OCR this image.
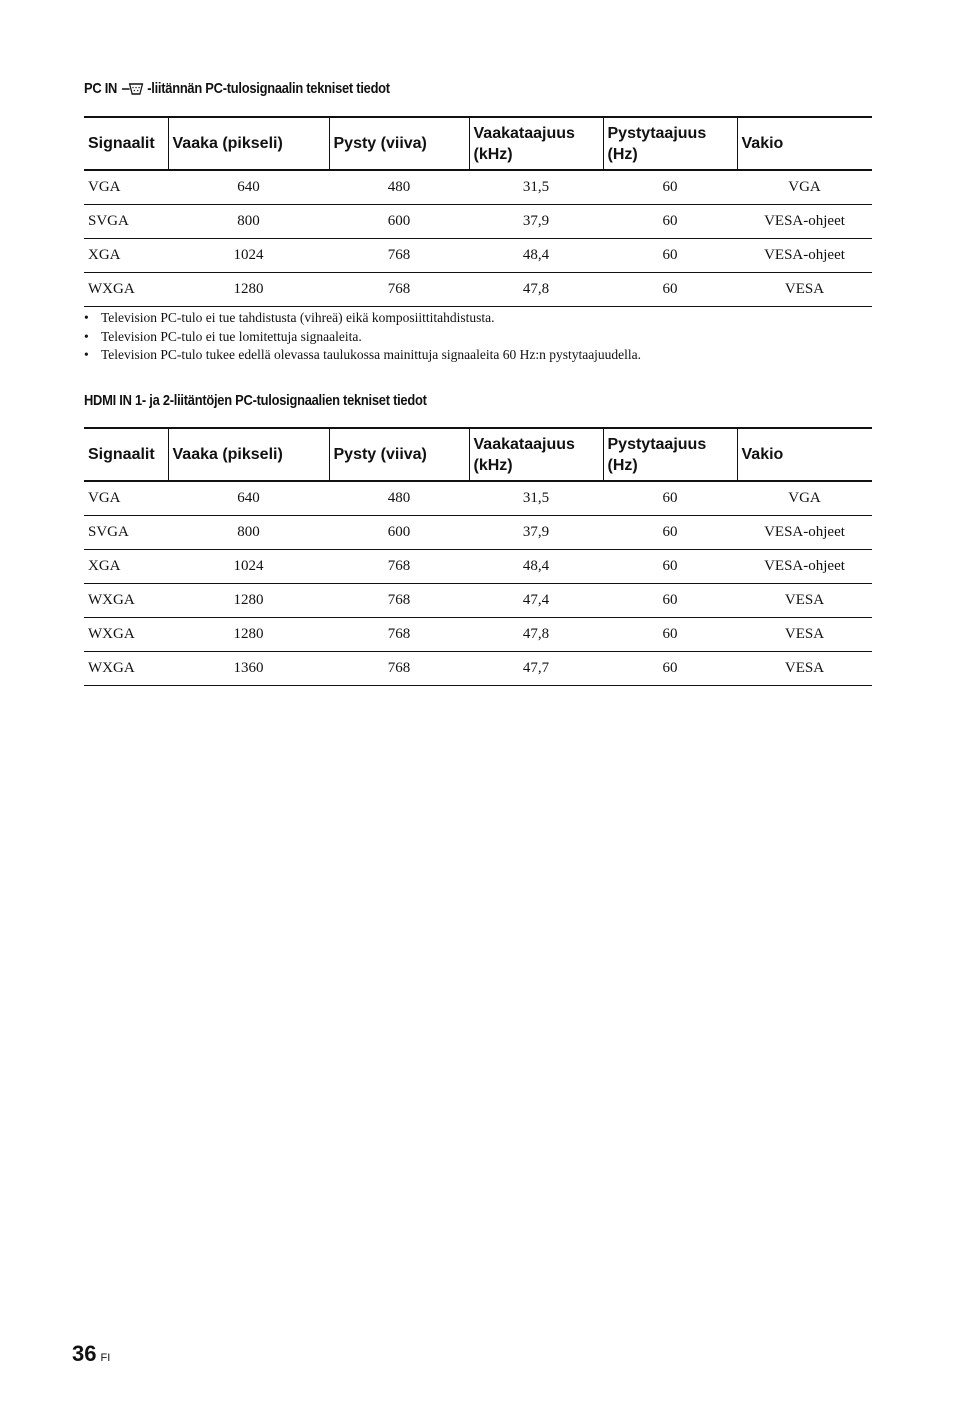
PC IN -liitännän PC-tulosignaalin tekniset tiedot
Signaalit	Vaaka (pikseli)	Pysty (viiva)	Vaakataajuus (kHz)	Pystytaajuus (Hz)	Vakio
VGA	640	480	31,5	60	VGA
SVGA	800	600	37,9	60	VESA-ohjeet
XGA	1024	768	48,4	60	VESA-ohjeet
WXGA	1280	768	47,8	60	VESA
• Television PC-tulo ei tue tahdistusta (vihreä) eikä komposiittitahdistusta.
• Television PC-tulo ei tue lomitettuja signaaleita.
• Television PC-tulo tukee edellä olevassa taulukossa mainittuja signaaleita 60 Hz:n pystytaajuudella.
HDMI IN 1- ja 2-liitäntöjen PC-tulosignaalien tekniset tiedot
Signaalit	Vaaka (pikseli)	Pysty (viiva)	Vaakataajuus (kHz)	Pystytaajuus (Hz)	Vakio
VGA	640	480	31,5	60	VGA
SVGA	800	600	37,9	60	VESA-ohjeet
XGA	1024	768	48,4	60	VESA-ohjeet
WXGA	1280	768	47,4	60	VESA
WXGA	1280	768	47,8	60	VESA
WXGA	1360	768	47,7	60	VESA
36 FI
